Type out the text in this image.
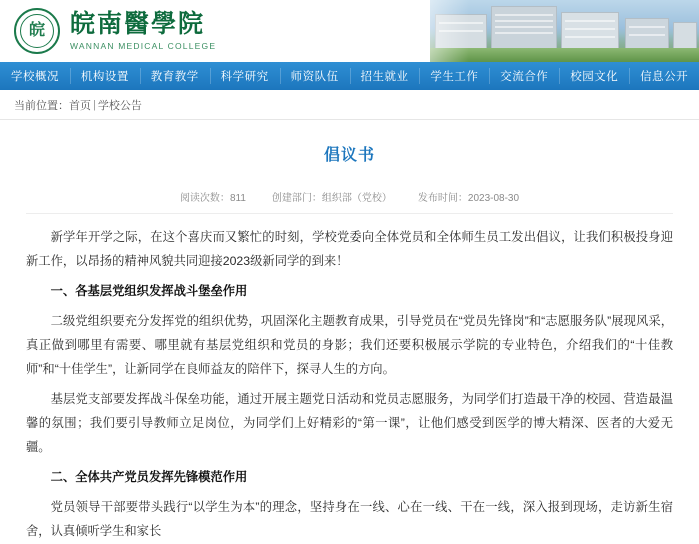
皖 皖南醫學院
WANNAN MEDICAL COLLEGE
学校概况 机构设置 教育教学 科学研究 师资队伍 招生就业 学生工作 交流合作 校园文化 信息公开
当前位置： 首页 | 学校公告
倡议书
阅读次数：811	创建部门：组织部（党校）	发布时间：2023-08-30

新学年开学之际，在这个喜庆而又繁忙的时刻，学校党委向全体党员和全体师生员工发出倡议，让我们积极投身迎新工作，以昂扬的精神风貌共同迎接2023级新同学的到来！

一、各基层党组织发挥战斗堡垒作用

二级党组织要充分发挥党的组织优势，巩固深化主题教育成果，引导党员在“党员先锋岗”和“志愿服务队”展现风采，真正做到哪里有需要、哪里就有基层党组织和党员的身影；我们还要积极展示学院的专业特色，介绍我们的“十佳教师”和“十佳学生”，让新同学在良师益友的陪伴下，探寻人生的方向。

基层党支部要发挥战斗保垒功能，通过开展主题党日活动和党员志愿服务，为同学们打造最干净的校园、营造最温馨的氛围；我们要引导教师立足岗位，为同学们上好精彩的“第一课”，让他们感受到医学的博大精深、医者的大爱无疆。

二、全体共产党员发挥先锋模范作用

党员领导干部要带头践行“以学生为本”的理念，坚持身在一线、心在一线、干在一线，深入报到现场，走访新生宿舍，认真倾听学生和家长
